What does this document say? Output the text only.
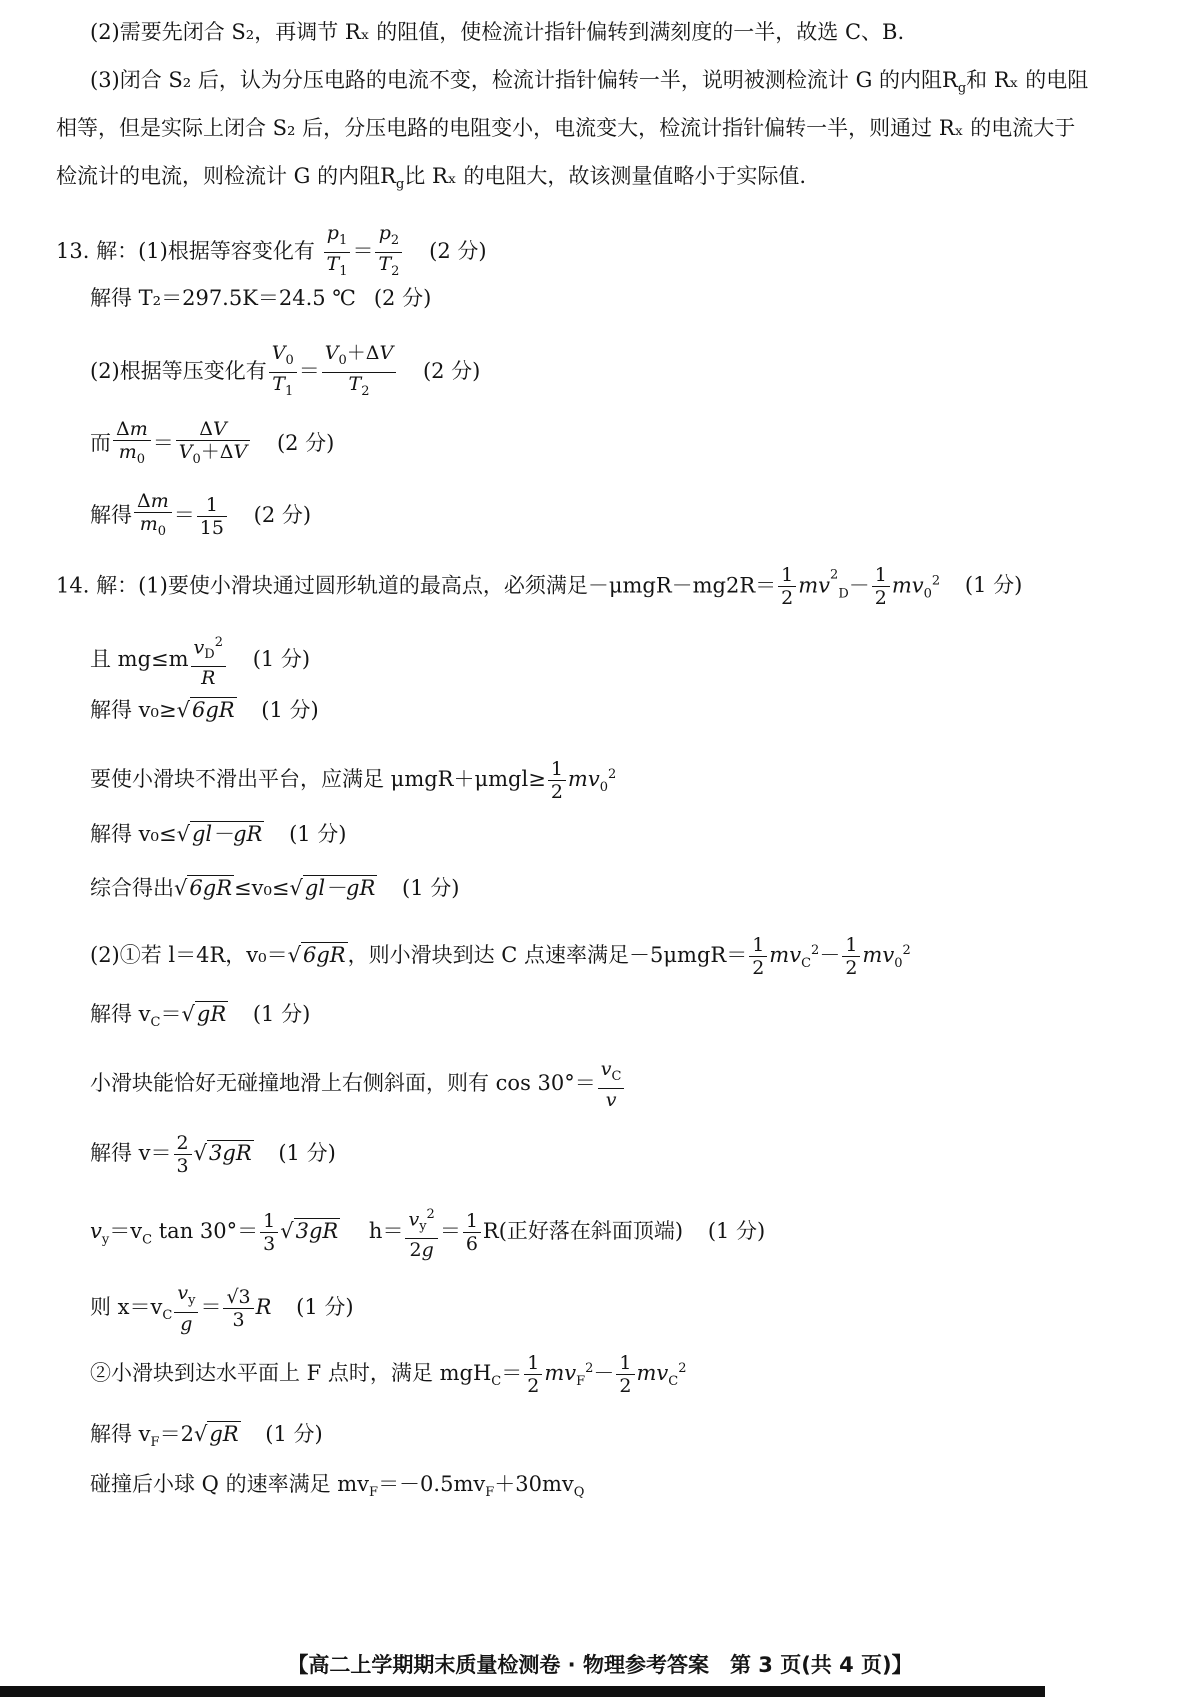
(2)需要先闭合 S₂，再调节 Rₓ 的阻值，使检流计指针偏转到满刻度的一半，故选 C、B.
(3)闭合 S₂ 后，认为分压电路的电流不变，检流计指针偏转一半，说明被测检流计 G 的内阻$R_g$和 Rₓ 的电阻
相等，但是实际上闭合 S₂ 后，分压电路的电阻变小，电流变大，检流计指针偏转一半，则通过 Rₓ 的电流大于
检流计的电流，则检流计 G 的内阻$R_g$比 Rₓ 的电阻大，故该测量值略小于实际值.
13. 解：(1)根据等容变化有 $\frac{p_1}{T_1} = \frac{p_2}{T_2} (2$ 分)
解得 T₂＝297.5K＝24.5 ℃ (2 分)
(2)根据等压变化有 $\frac{V_0}{T_1} = \frac{V_0+\Delta V}{T_2} (2$ 分)
而 $\frac{\Delta m}{m_0} = \frac{\Delta V}{V_0+\Delta V} (2$ 分)
解得 $\frac{\Delta m}{m_0} = \frac{1}{15} (2$ 分)
14. 解：(1)要使小滑块通过圆形轨道的最高点，必须满足$-\mu mgR-mg2R= \frac{1}{2} mv^{^2}_D- \frac{1}{2} mv_0^2$ (1 分)
且 $mg\le m \frac{v_D^2}{R} (1$ 分)
解得 v₀≥√6gR (1 分)
要使小滑块不滑出平台，应满足 $\mu mgR+\mu mgl\ge \frac{1}{2} mv_0^2$
解得 v₀≤√gl－gR (1 分)
综合得出√6gR≤v₀≤√gl－gR (1 分)
(2)①若 l＝4R，v₀＝√6gR，则小滑块到达 C 点速率满足$-5\mu mgR= \frac{1}{2} mv_C^2- \frac{1}{2} mv_0^2$
解得 $v_C=√gR$ (1 分)
小滑块能恰好无碰撞地滑上右侧斜面，则有 $\cos 30^\circ= \frac{v_C}{v}$
解得 $v= \frac{2}{3} √3gR$ (1 分)
$v_y=v_C$ $\tan 30^\circ= \frac{1}{3} √3gR$ $h= \frac{v_y^2}{2g} = \frac{1}{6} R$(正好落在斜面顶端) (1 分)
则 $x=v_C \frac{v_y}{g} = \frac{√3}{3}$ R (1 分)
②小滑块到达水平面上 F 点时，满足 $mgH_C= \frac{1}{2} mv_F^2- \frac{1}{2} mv_C^2$
解得 $v_F=2√gR$ (1 分)
碰撞后小球 Q 的速率满足 $mv_F=-0.5mv_F+30mv_Q$
【高二上学期期末质量检测卷 · 物理参考答案　第 3 页(共 4 页)】
